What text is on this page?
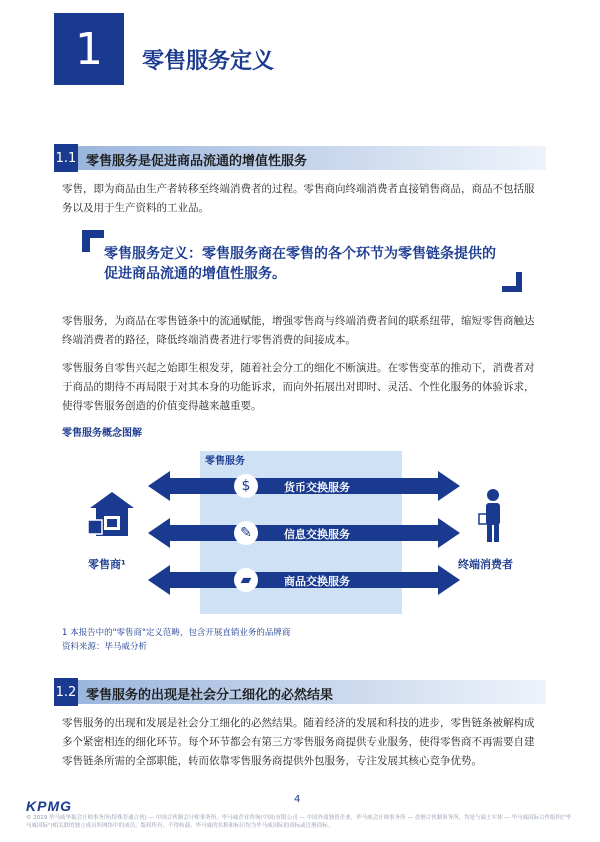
1 零售服务定义
1.1 零售服务是促进商品流通的增值性服务

零售，即为商品由生产者转移至终端消费者的过程。零售商向终端消费者直接销售商品，商品不包括服务以及用于生产资料的工业品。

零售服务定义：零售服务商在零售的各个环节为零售链条提供的促进商品流通的增值性服务。

零售服务，为商品在零售链条中的流通赋能，增强零售商与终端消费者间的联系纽带，缩短零售商触达终端消费者的路径，降低终端消费者进行零售消费的间接成本。

零售服务自零售兴起之始即生根发芽，随着社会分工的细化不断演进。在零售变革的推动下，消费者对于商品的期待不再局限于对其本身的功能诉求，而向外拓展出对即时、灵活、个性化服务的体验诉求，使得零售服务创造的价值变得越来越重要。

零售服务概念图解
零售服务
零售商¹	终端消费者
$	货币交换服务
✎	信息交换服务
▰	商品交换服务
1 本报告中的"零售商"定义范畴，包含开展直销业务的品牌商
资料来源：毕马威分析
1.2 零售服务的出现是社会分工细化的必然结果

零售服务的出现和发展是社会分工细化的必然结果。随着经济的发展和科技的进步，零售链条被解构成多个紧密相连的细化环节。每个环节都会有第三方零售服务商提供专业服务，使得零售商不再需要自建零售链条所需的全部职能，转而依靠零售服务商提供外包服务，专注发展其核心竞争优势。

KPMG	4
© 2019 毕马威华振会计师事务所(特殊普通合伙) — 中国合伙制会计师事务所，毕马威企业咨询(中国)有限公司 — 中国外商独资企业，毕马威会计师事务所 — 香港合伙制事务所，均是与瑞士实体 — 毕马威国际合作组织("毕马威国际")相关联的独立成员所网络中的成员。版权所有，不得转载。毕马威的名称和标识均为毕马威国际的商标或注册商标。
